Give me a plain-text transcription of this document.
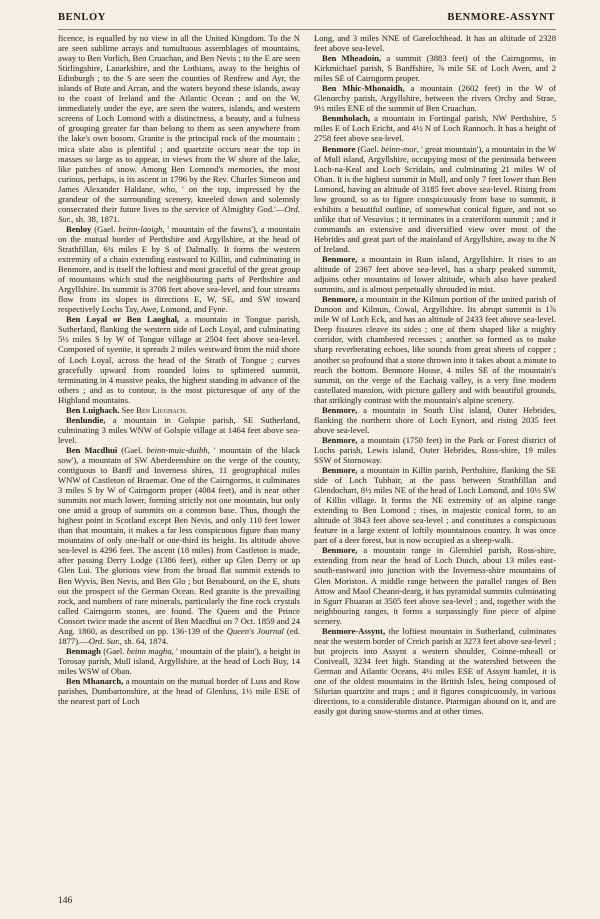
BENLOY	BENMORE-ASSYNT

ficence, is equalled by no view in all the United Kingdom. To the N are seen sublime arrays and tumultuous assemblages of mountains, away to Ben Vorlich, Ben Cruachan, and Ben Nevis ; to the E are seen Stirlingshire, Lanarkshire, and the Lothians, away to the heights of Edinburgh ; to the S are seen the counties of Renfrew and Ayr, the islands of Bute and Arran, and the waters beyond these islands, away to the coast of Ireland and the Atlantic Ocean ; and on the W, immediately under the eye, are seen the waters, islands, and western screens of Loch Lomond with a distinctness, a beauty, and a fulness of grouping greater far than belong to them as seen anywhere from the lake's own bosom. Granite is the principal rock of the mountain ; mica slate also is plentiful ; and quartzite occurs near the top in masses so large as to appear, in views from the W shore of the lake, like patches of snow. Among Ben Lomond's memories, the most curious, perhaps, is its ascent in 1796 by the Rev. Charles Simeon and James Alexander Haldane, who, ' on the top, impressed by the grandeur of the surrounding scenery, kneeled down and solemnly consecrated their future lives to the service of Almighty God.'—Ord. Sur., sh. 38, 1871.

Benloy (Gael. beinn-laoigh, ' mountain of the fawns'), a mountain on the mutual border of Perthshire and Argyllshire, at the head of Strathfillan, 6¾ miles E by S of Dalmally. It forms the western extremity of a chain extending eastward to Killin, and culminating in Benmore, and is itself the loftiest and most graceful of the great group of mountains which stud the neighbouring parts of Perthshire and Argyllshire. Its summit is 3708 feet above sea-level, and four streams flow from its slopes in directions E, W, SE, and SW toward respectively Lochs Tay, Awe, Lomond, and Fyne.

Ben Loyal or Ben Laoghal, a mountain in Tongue parish, Sutherland, flanking the western side of Loch Loyal, and culminating 5½ miles S by W of Tongue village at 2504 feet above sea-level. Composed of syenite, it spreads 2 miles westward from the mid shore of Loch Loyal, across the head of the Strath of Tongue ; curves gracefully upward from rounded loins to splintered summit, terminating in 4 massive peaks, the highest standing in advance of the others ; and as to contour, is the most picturesque of any of the Highland mountains.

Ben Luighach. See Ben Liughach.

Benlundie, a mountain in Golspie parish, SE Sutherland, culminating 3 miles WNW of Golspie village at 1464 feet above sea-level.

Ben Macdhui (Gael. beinn-muic-duibh, ' mountain of the black sow'), a mountain of SW Aberdeenshire on the verge of the county, contiguous to Banff and Inverness shires, 11 geographical miles WNW of Castleton of Braemar. One of the Cairngorms, it culminates 3 miles S by W of Cairngorm proper (4084 feet), and is near other summits not much lower, forming strictly not one mountain, but only one amid a group of summits on a common base. Thus, though the highest point in Scotland except Ben Nevis, and only 110 feet lower than that mountain, it makes a far less conspicuous figure than many mountains of only one-half or one-third its height. Its altitude above sea-level is 4296 feet. The ascent (18 miles) from Castleton is made, after passing Derry Lodge (1386 feet), either up Glen Derry or up Glen Lui. The glorious view from the broad flat summit extends to Ben Wyvis, Ben Nevis, and Ben Glo ; but Benabourd, on the E, shuts out the prospect of the German Ocean. Red granite is the prevailing rock, and numbers of rare minerals, particularly the fine rock crystals called Cairngorm stones, are found. The Queen and the Prince Consort twice made the ascent of Ben Macdhui on 7 Oct. 1859 and 24 Aug. 1860, as described on pp. 136-139 of the Queen's Journal (ed. 1877).—Ord. Sur., sh. 64, 1874.

Benmagh (Gael. beinn magha, ' mountain of the plain'), a height in Torosay parish, Mull island, Argyllshire, at the head of Loch Buy, 14 miles WSW of Oban.

Ben Mhanarch, a mountain on the mutual border of Luss and Row parishes, Dumbartonshire, at the head of Glenluss, 1½ mile ESE of the nearest part of Loch

Long, and 3 miles NNE of Garelochhead. It has an altitude of 2328 feet above sea-level.

Ben Mheadoin, a summit (3883 feet) of the Cairngorms, in Kirkmichael parish, S Banffshire, ⅞ mile SE of Loch Aven, and 2 miles SE of Cairngorm proper.

Ben Mhic-Mhonaidh, a mountain (2602 feet) in the W of Glenorchy parish, Argyllshire, between the rivers Orchy and Strae, 9½ miles ENE of the summit of Ben Cruachan.

Benmholach, a mountain in Fortingal parish, NW Perthshire, 5 miles E of Loch Ericht, and 4½ N of Loch Rannoch. It has a height of 2758 feet above sea-level.

Benmore (Gael. beinn-mor, ' great mountain'), a mountain in the W of Mull island, Argyllshire, occupying most of the peninsula between Loch-na-Keal and Loch Scridain, and culminating 21 miles W of Oban. It is the highest summit in Mull, and only 7 feet lower than Ben Lomond, having an altitude of 3185 feet above sea-level. Rising from low ground, so as to figure conspicuously from base to summit, it exhibits a beautiful outline, of somewhat conical figure, and not so unlike that of Vesuvius ; it terminates in a crateriform summit ; and it commands an extensive and diversified view over most of the Hebrides and great part of the mainland of Argyllshire, away to the N of Ireland.

Benmore, a mountain in Rum island, Argyllshire. It rises to an altitude of 2367 feet above sea-level, has a sharp peaked summit, adjoins other mountains of lower altitude, which also have peaked summits, and is almost perpetually shrouded in mist.

Benmore, a mountain in the Kilmun portion of the united parish of Dunoon and Kilmun, Cowal, Argyllshire. Its abrupt summit is 1⅞ mile W of Loch Eck, and has an altitude of 2433 feet above sea-level. Deep fissures cleave its sides ; one of them shaped like a mighty corridor, with chambered recesses ; another so formed as to make sharp reverberating echoes, like sounds from great sheets of copper ; another so profound that a stone thrown into it takes about a minute to reach the bottom. Benmore House, 4 miles SE of the mountain's summit, on the verge of the Eachaig valley, is a very fine modern castellated mansion, with picture gallery and with beautiful grounds, that strikingly contrast with the mountain's alpine scenery.

Benmore, a mountain in South Uist island, Outer Hebrides, flanking the northern shore of Loch Eynort, and rising 2035 feet above sea-level.

Benmore, a mountain (1750 feet) in the Park or Forest district of Lochs parish, Lewis island, Outer Hebrides, Ross-shire, 19 miles SSW of Stornoway.

Benmore, a mountain in Killin parish, Perthshire, flanking the SE side of Loch Tubhair, at the pass between Strathfillan and Glendochart, 8½ miles NE of the head of Loch Lomond, and 10½ SW of Killin village. It forms the NE extremity of an alpine range extending to Ben Lomond ; rises, in majestic conical form, to an altitude of 3843 feet above sea-level ; and constitutes a conspicuous feature in a large extent of loftily mountainous country. It was once part of a deer forest, but is now occupied as a sheep-walk.

Benmore, a mountain range in Glenshiel parish, Ross-shire, extending from near the head of Loch Duich, about 13 miles east-south-eastward into junction with the Inverness-shire mountains of Glen Moriston. A middle range between the parallel ranges of Ben Attow and Maol Cheann-dearg, it has pyramidal summits culminating in Sgurr Fhuaran at 3505 feet above sea-level ; and, together with the neighbouring ranges, it forms a surpassingly fine piece of alpine scenery.

Benmore-Assynt, the loftiest mountain in Sutherland, culminates near the western border of Creich parish at 3273 feet above sea-level ; but projects into Assynt a western shoulder, Coinne-mheall or Coniveall, 3234 feet high. Standing at the watershed between the German and Atlantic Oceans, 4½ miles ESE of Assynt hamlet, it is one of the oldest mountains in the British Isles, being composed of Silurian quartzite and traps ; and it figures conspicuously, in various directions, to a considerable distance. Ptarmigan abound on it, and are easily got during snow-storms and at other times.

146
